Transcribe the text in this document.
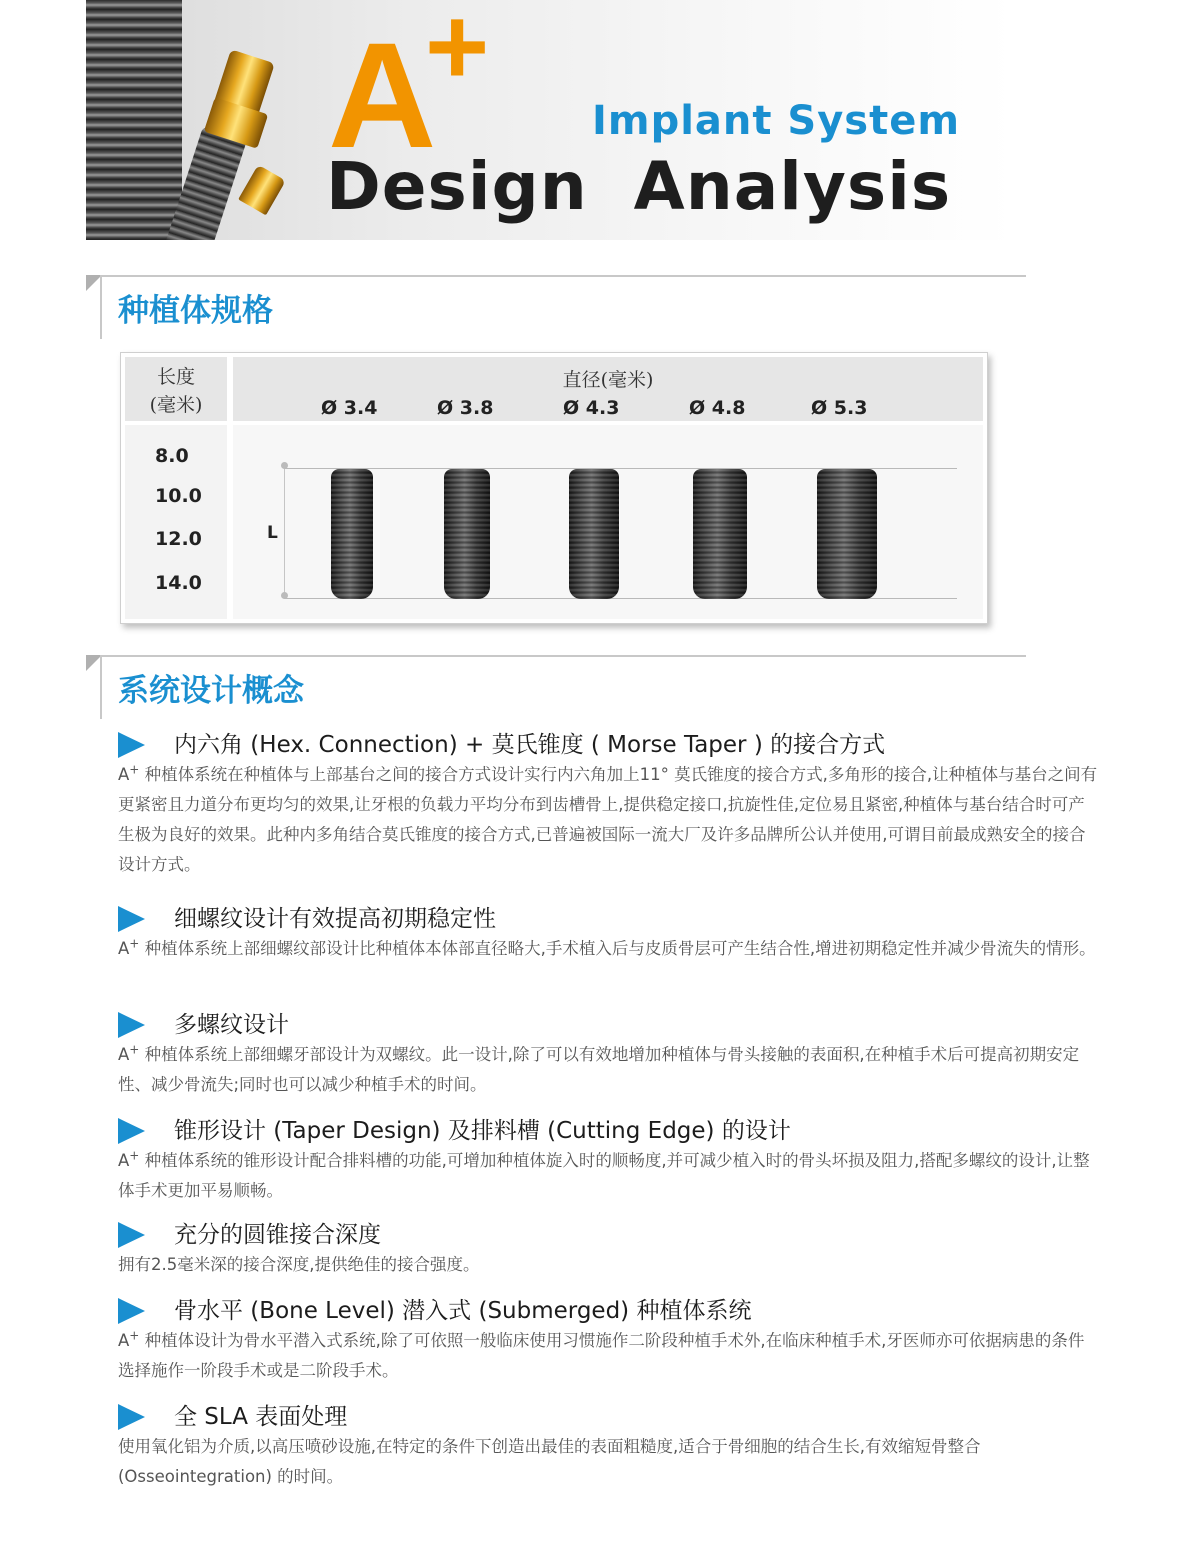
A
+
Implant System
Design Analysis
种植体规格
长度
(毫米)
直径(毫米)
Ø 3.4	Ø 3.8	Ø 4.3	Ø 4.8	Ø 5.3
8.0
10.0
12.0
14.0
L
系统设计概念
内六角 (Hex. Connection) + 莫氏锥度 ( Morse Taper ) 的接合方式
A+ 种植体系统在种植体与上部基台之间的接合方式设计实行内六角加上11° 莫氏锥度的接合方式,多角形的接合,让种植体与基台之间有更紧密且力道分布更均匀的效果,让牙根的负载力平均分布到齿槽骨上,提供稳定接口,抗旋性佳,定位易且紧密,种植体与基台结合时可产生极为良好的效果。此种内多角结合莫氏锥度的接合方式,已普遍被国际一流大厂及许多品牌所公认并使用,可谓目前最成熟安全的接合设计方式。
细螺纹设计有效提高初期稳定性
A+ 种植体系统上部细螺纹部设计比种植体本体部直径略大,手术植入后与皮质骨层可产生结合性,增进初期稳定性并减少骨流失的情形。
多螺纹设计
A+ 种植体系统上部细螺牙部设计为双螺纹。此一设计,除了可以有效地增加种植体与骨头接触的表面积,在种植手术后可提高初期安定性、减少骨流失;同时也可以减少种植手术的时间。
锥形设计 (Taper Design) 及排料槽 (Cutting Edge) 的设计
A+ 种植体系统的锥形设计配合排料槽的功能,可增加种植体旋入时的顺畅度,并可减少植入时的骨头坏损及阻力,搭配多螺纹的设计,让整体手术更加平易顺畅。
充分的圆锥接合深度
拥有2.5毫米深的接合深度,提供绝佳的接合强度。
骨水平 (Bone Level) 潜入式 (Submerged) 种植体系统
A+ 种植体设计为骨水平潜入式系统,除了可依照一般临床使用习惯施作二阶段种植手术外,在临床种植手术,牙医师亦可依据病患的条件选择施作一阶段手术或是二阶段手术。
全 SLA 表面处理
使用氧化铝为介质,以高压喷砂设施,在特定的条件下创造出最佳的表面粗糙度,适合于骨细胞的结合生长,有效缩短骨整合 (Osseointegration) 的时间。
